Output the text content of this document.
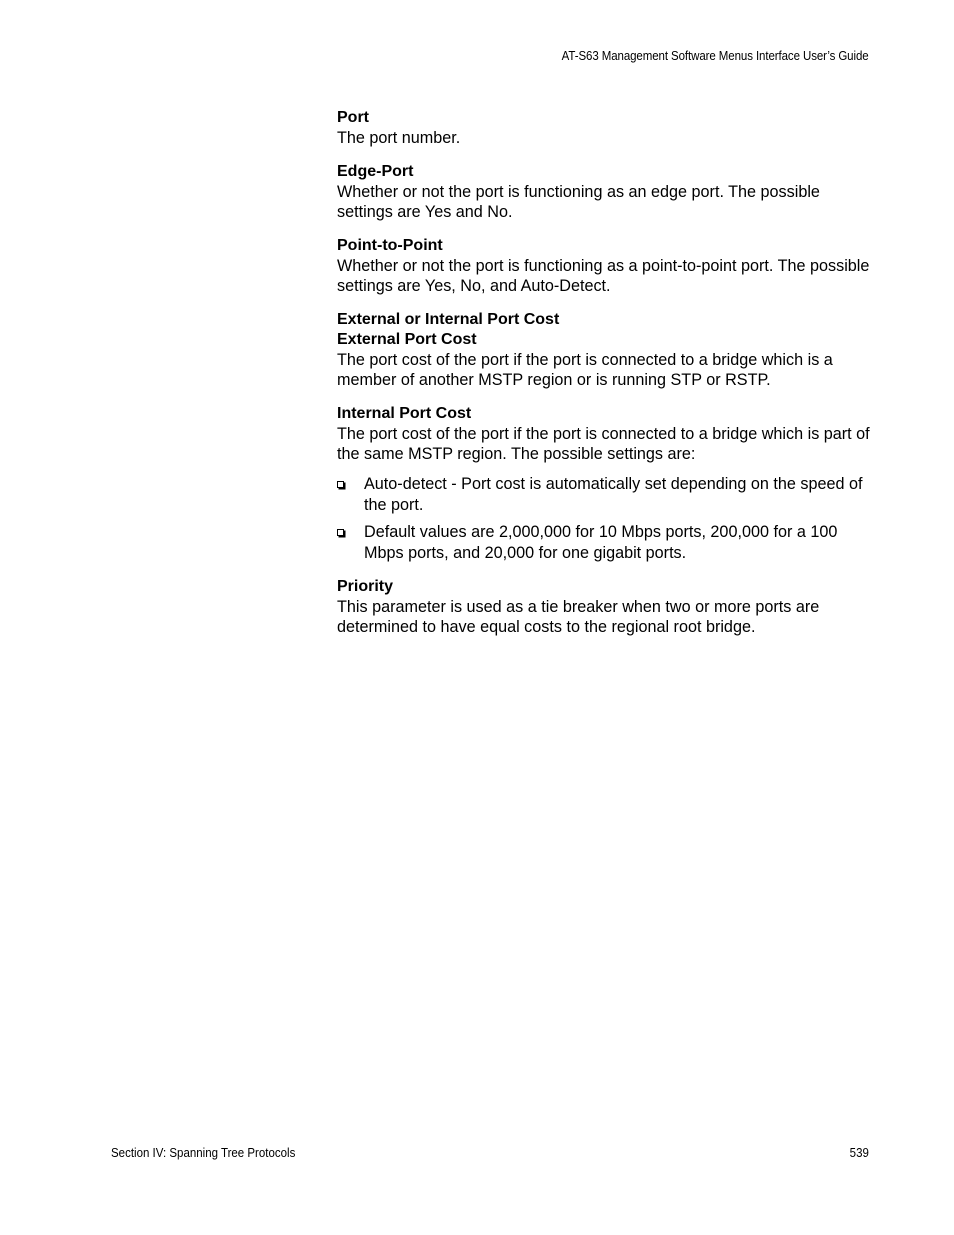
AT-S63 Management Software Menus Interface User’s Guide
Port

The port number.

Edge-Port

Whether or not the port is functioning as an edge port. The possible settings are Yes and No.

Point-to-Point

Whether or not the port is functioning as a point-to-point port. The possible settings are Yes, No, and Auto-Detect.

External or Internal Port Cost
External Port Cost

The port cost of the port if the port is connected to a bridge which is a member of another MSTP region or is running STP or RSTP.

Internal Port Cost

The port cost of the port if the port is connected to a bridge which is part of the same MSTP region. The possible settings are:

Auto-detect - Port cost is automatically set depending on the speed of the port.
Default values are 2,000,000 for 10 Mbps ports, 200,000 for a 100 Mbps ports, and 20,000 for one gigabit ports.
Priority

This parameter is used as a tie breaker when two or more ports are determined to have equal costs to the regional root bridge.

Section IV: Spanning Tree Protocols	539
